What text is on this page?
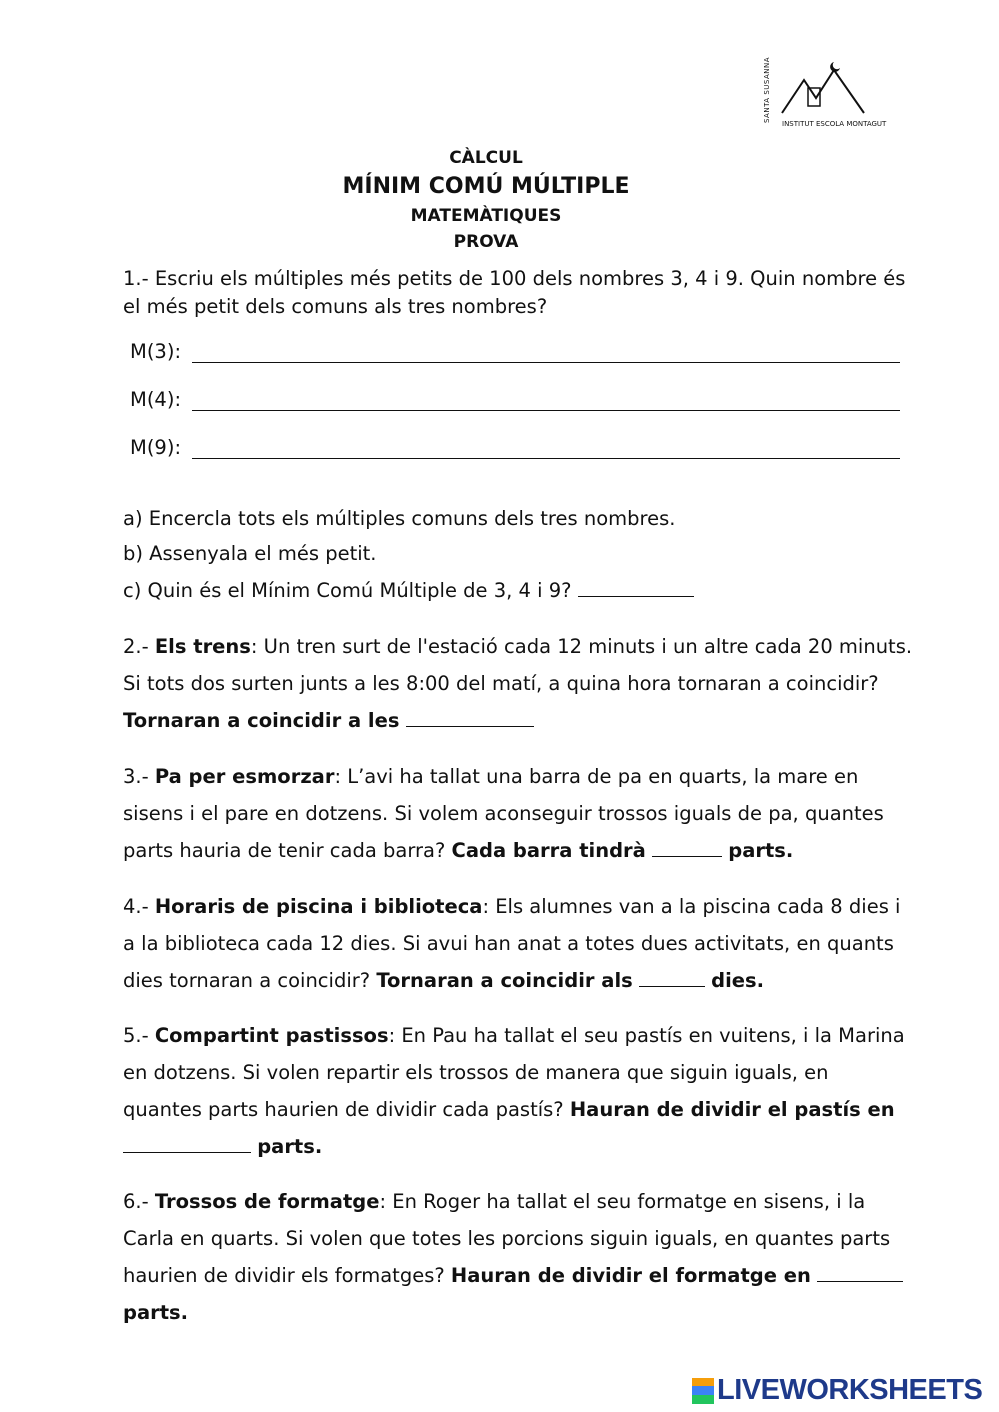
SANTA SUSANNA
INSTITUT ESCOLA MONTAGUT
CÀLCUL
MÍNIM COMÚ MÚLTIPLE
MATEMÀTIQUES
PROVA
1.- Escriu els múltiples més petits de 100 dels nombres 3, 4 i 9. Quin nombre és el més petit dels comuns als tres nombres?
M(3):
M(4):
M(9):
a) Encercla tots els múltiples comuns dels tres nombres.
b) Assenyala el més petit.
c) Quin és el Mínim Comú Múltiple de 3, 4 i 9?
2.- Els trens: Un tren surt de l'estació cada 12 minuts i un altre cada 20 minuts. Si tots dos surten junts a les 8:00 del matí, a quina hora tornaran a coincidir? Tornaran a coincidir a les
3.- Pa per esmorzar: L’avi ha tallat una barra de pa en quarts, la mare en sisens i el pare en dotzens. Si volem aconseguir trossos iguals de pa, quantes parts hauria de tenir cada barra? Cada barra tindrà	parts.
4.- Horaris de piscina i biblioteca: Els alumnes van a la piscina cada 8 dies i a la biblioteca cada 12 dies. Si avui han anat a totes dues activitats, en quants dies tornaran a coincidir? Tornaran a coincidir als	dies.
5.- Compartint pastissos: En Pau ha tallat el seu pastís en vuitens, i la Marina en dotzens. Si volen repartir els trossos de manera que siguin iguals, en quantes parts haurien de dividir cada pastís? Hauran de dividir el pastís en  parts.
6.- Trossos de formatge: En Roger ha tallat el seu formatge en sisens, i la Carla en quarts. Si volen que totes les porcions siguin iguals, en quantes parts haurien de dividir els formatges? Hauran de dividir el formatge en  parts.
LIVEWORKSHEETS
